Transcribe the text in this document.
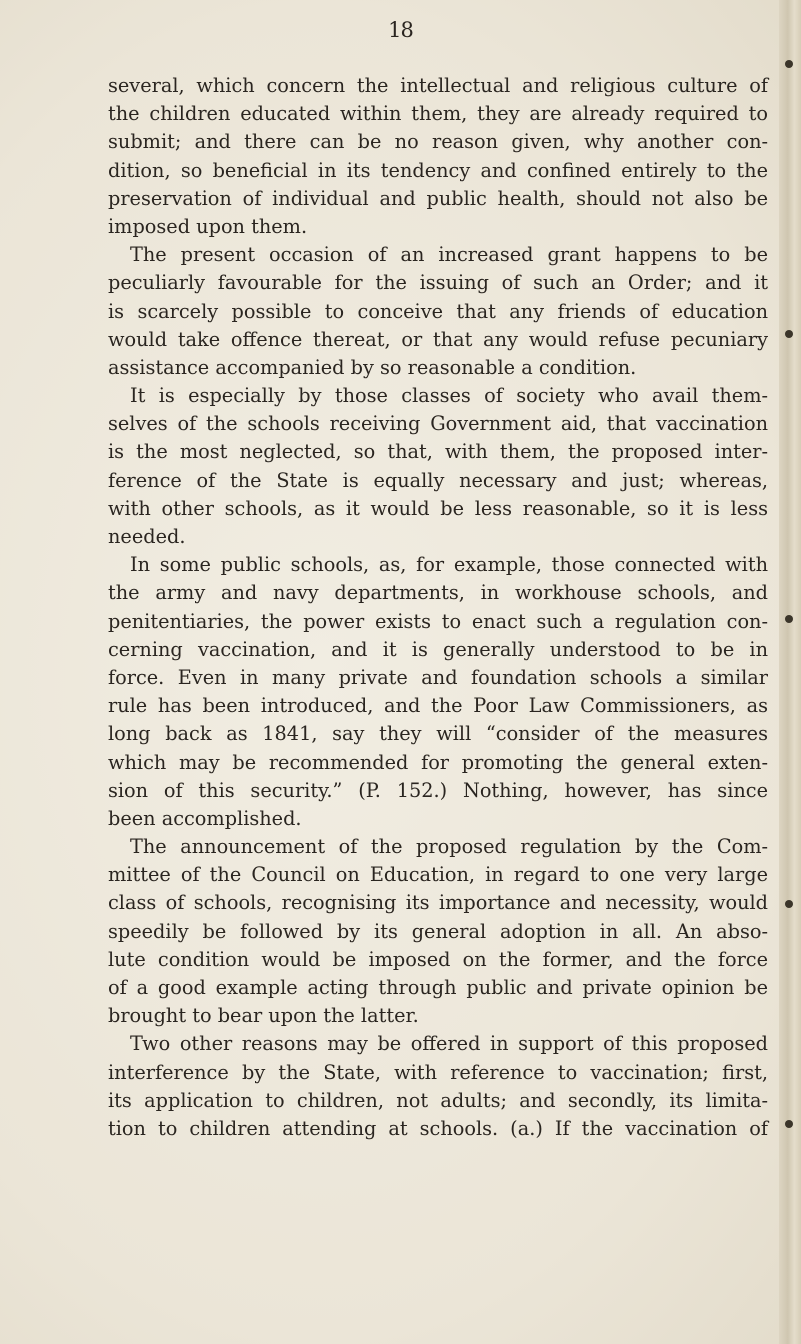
18
several, which concern the intellectual and religious culture of
the children educated within them, they are already required to
submit; and there can be no reason given, why another con-
dition, so beneficial in its tendency and confined entirely to the
preservation of individual and public health, should not also be
imposed upon them.
The present occasion of an increased grant happens to be
peculiarly favourable for the issuing of such an Order; and it
is scarcely possible to conceive that any friends of education
would take offence thereat, or that any would refuse pecuniary
assistance accompanied by so reasonable a condition.
It is especially by those classes of society who avail them-
selves of the schools receiving Government aid, that vaccination
is the most neglected, so that, with them, the proposed inter-
ference of the State is equally necessary and just; whereas,
with other schools, as it would be less reasonable, so it is less
needed.
In some public schools, as, for example, those connected with
the army and navy departments, in workhouse schools, and
penitentiaries, the power exists to enact such a regulation con-
cerning vaccination, and it is generally understood to be in
force. Even in many private and foundation schools a similar
rule has been introduced, and the Poor Law Commissioners, as
long back as 1841, say they will “consider of the measures
which may be recommended for promoting the general exten-
sion of this security.” (P. 152.) Nothing, however, has since
been accomplished.
The announcement of the proposed regulation by the Com-
mittee of the Council on Education, in regard to one very large
class of schools, recognising its importance and necessity, would
speedily be followed by its general adoption in all. An abso-
lute condition would be imposed on the former, and the force
of a good example acting through public and private opinion be
brought to bear upon the latter.
Two other reasons may be offered in support of this proposed
interference by the State, with reference to vaccination; first,
its application to children, not adults; and secondly, its limita-
tion to children attending at schools. (a.) If the vaccination of
